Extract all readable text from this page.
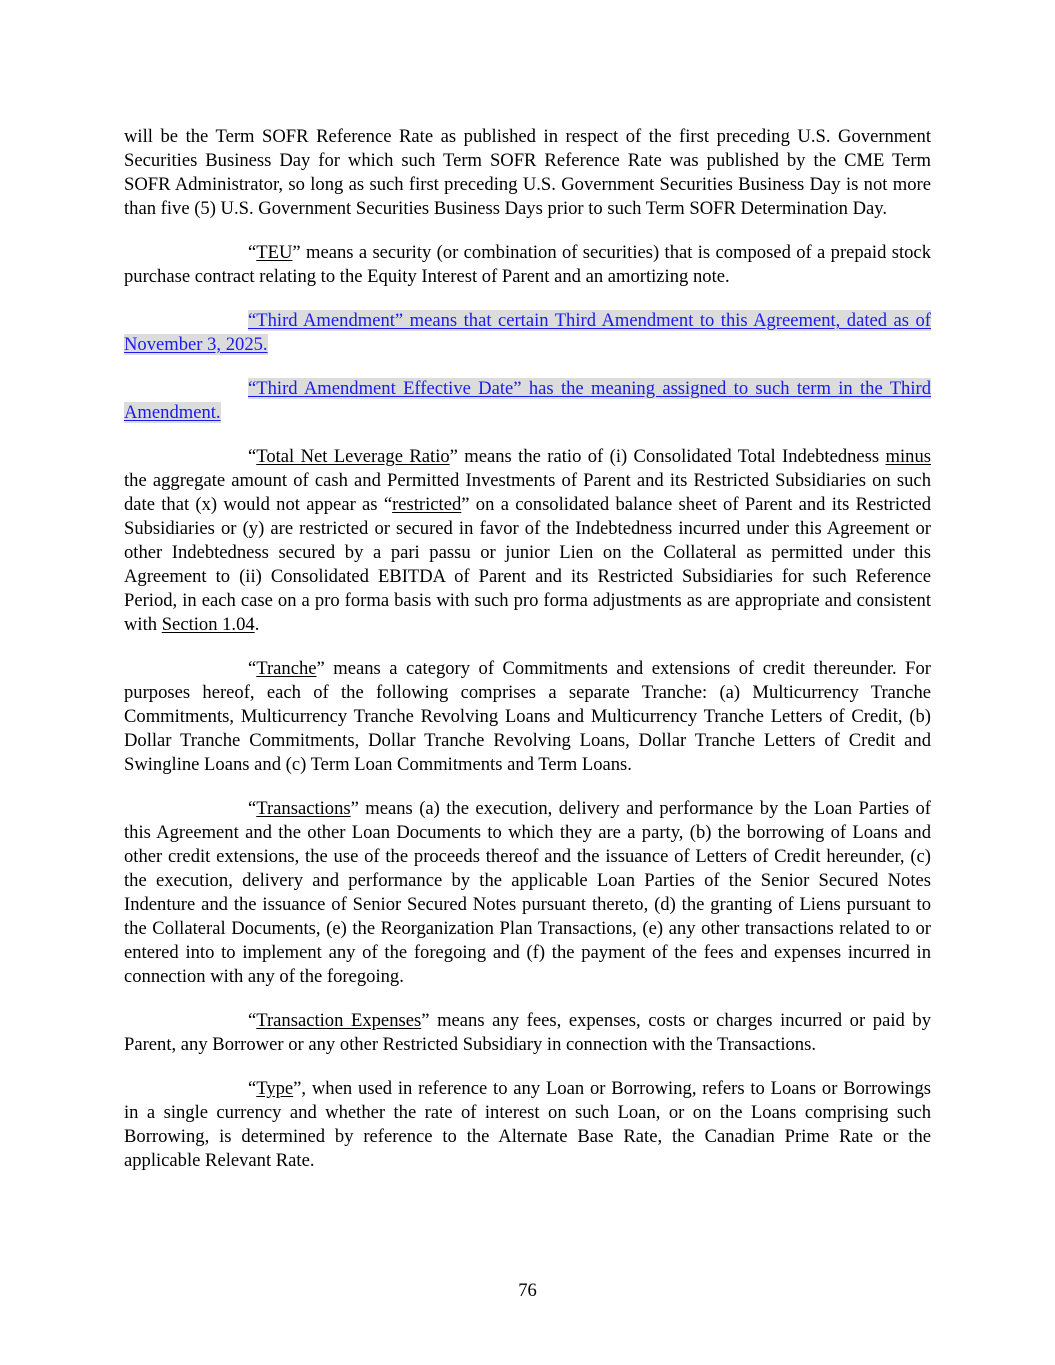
will be the Term SOFR Reference Rate as published in respect of the first preceding U.S. Government Securities Business Day for which such Term SOFR Reference Rate was published by the CME Term SOFR Administrator, so long as such first preceding U.S. Government Securities Business Day is not more than five (5) U.S. Government Securities Business Days prior to such Term SOFR Determination Day.

“TEU” means a security (or combination of securities) that is composed of a prepaid stock purchase contract relating to the Equity Interest of Parent and an amortizing note.

“Third Amendment” means that certain Third Amendment to this Agreement, dated as of November 3, 2025.

“Third Amendment Effective Date” has the meaning assigned to such term in the Third Amendment.

“Total Net Leverage Ratio” means the ratio of (i) Consolidated Total Indebtedness minus the aggregate amount of cash and Permitted Investments of Parent and its Restricted Subsidiaries on such date that (x) would not appear as “restricted” on a consolidated balance sheet of Parent and its Restricted Subsidiaries or (y) are restricted or secured in favor of the Indebtedness incurred under this Agreement or other Indebtedness secured by a pari passu or junior Lien on the Collateral as permitted under this Agreement to (ii) Consolidated EBITDA of Parent and its Restricted Subsidiaries for such Reference Period, in each case on a pro forma basis with such pro forma adjustments as are appropriate and consistent with Section 1.04.

“Tranche” means a category of Commitments and extensions of credit thereunder. For purposes hereof, each of the following comprises a separate Tranche: (a) Multicurrency Tranche Commitments, Multicurrency Tranche Revolving Loans and Multicurrency Tranche Letters of Credit, (b) Dollar Tranche Commitments, Dollar Tranche Revolving Loans, Dollar Tranche Letters of Credit and Swingline Loans and (c) Term Loan Commitments and Term Loans.

“Transactions” means (a) the execution, delivery and performance by the Loan Parties of this Agreement and the other Loan Documents to which they are a party, (b) the borrowing of Loans and other credit extensions, the use of the proceeds thereof and the issuance of Letters of Credit hereunder, (c) the execution, delivery and performance by the applicable Loan Parties of the Senior Secured Notes Indenture and the issuance of Senior Secured Notes pursuant thereto, (d) the granting of Liens pursuant to the Collateral Documents, (e) the Reorganization Plan Transactions, (e) any other transactions related to or entered into to implement any of the foregoing and (f) the payment of the fees and expenses incurred in connection with any of the foregoing.

“Transaction Expenses” means any fees, expenses, costs or charges incurred or paid by Parent, any Borrower or any other Restricted Subsidiary in connection with the Transactions.

“Type”, when used in reference to any Loan or Borrowing, refers to Loans or Borrowings in a single currency and whether the rate of interest on such Loan, or on the Loans comprising such Borrowing, is determined by reference to the Alternate Base Rate, the Canadian Prime Rate or the applicable Relevant Rate.

76
